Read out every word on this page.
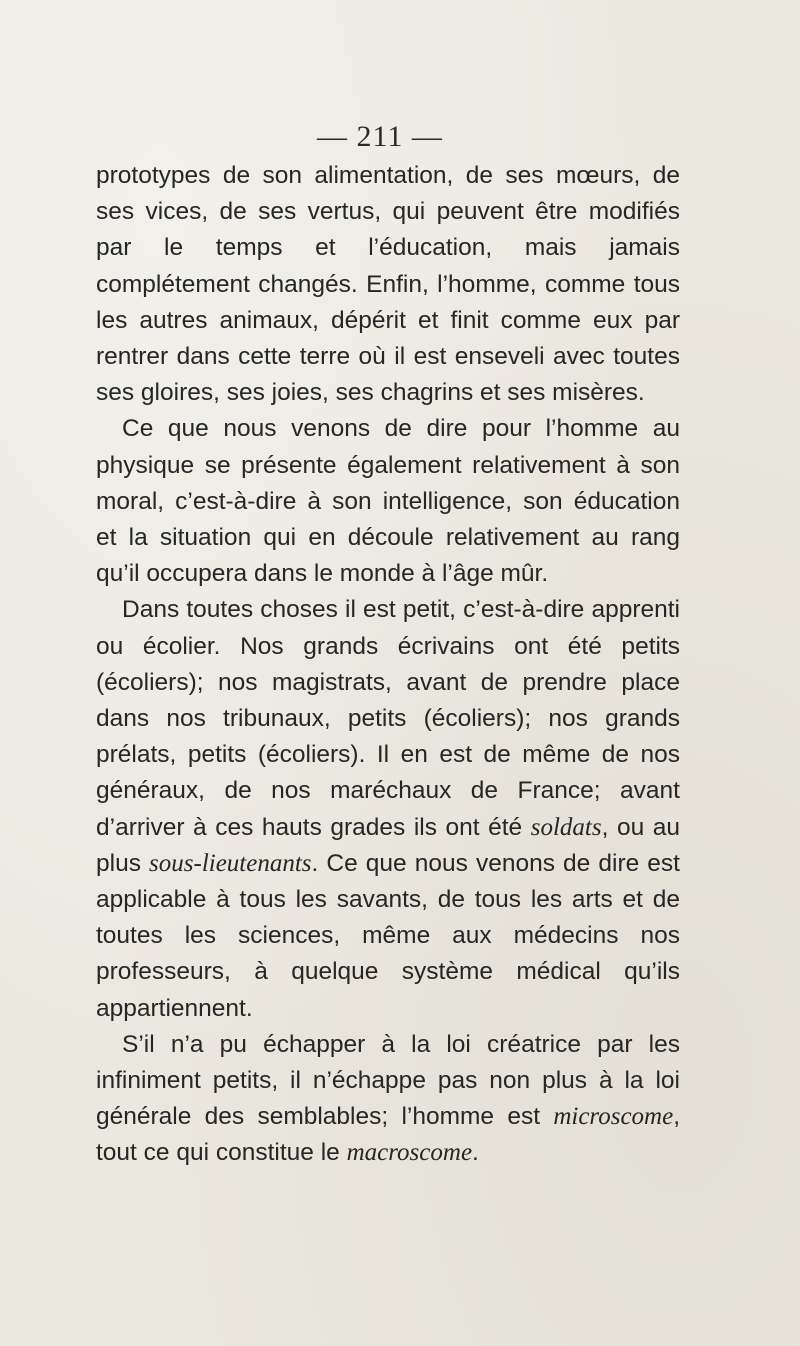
— 211 —

prototypes de son alimentation, de ses mœurs, de ses vices, de ses vertus, qui peuvent être modifiés par le temps et l’éducation, mais jamais complétement changés. Enfin, l’homme, comme tous les autres animaux, dépérit et finit comme eux par rentrer dans cette terre où il est enseveli avec toutes ses gloires, ses joies, ses chagrins et ses misères.

Ce que nous venons de dire pour l’homme au physique se présente également relativement à son moral, c’est-à-dire à son intelligence, son éducation et la situation qui en découle relativement au rang qu’il occupera dans le monde à l’âge mûr.

Dans toutes choses il est petit, c’est-à-dire apprenti ou écolier. Nos grands écrivains ont été petits (écoliers); nos magistrats, avant de prendre place dans nos tribunaux, petits (écoliers); nos grands prélats, petits (écoliers). Il en est de même de nos généraux, de nos maréchaux de France; avant d’arriver à ces hauts grades ils ont été soldats, ou au plus sous-lieutenants. Ce que nous venons de dire est applicable à tous les savants, de tous les arts et de toutes les sciences, même aux médecins nos professeurs, à quelque système médical qu’ils appartiennent.

S’il n’a pu échapper à la loi créatrice par les infiniment petits, il n’échappe pas non plus à la loi générale des semblables; l’homme est microscome, tout ce qui constitue le macroscome.
